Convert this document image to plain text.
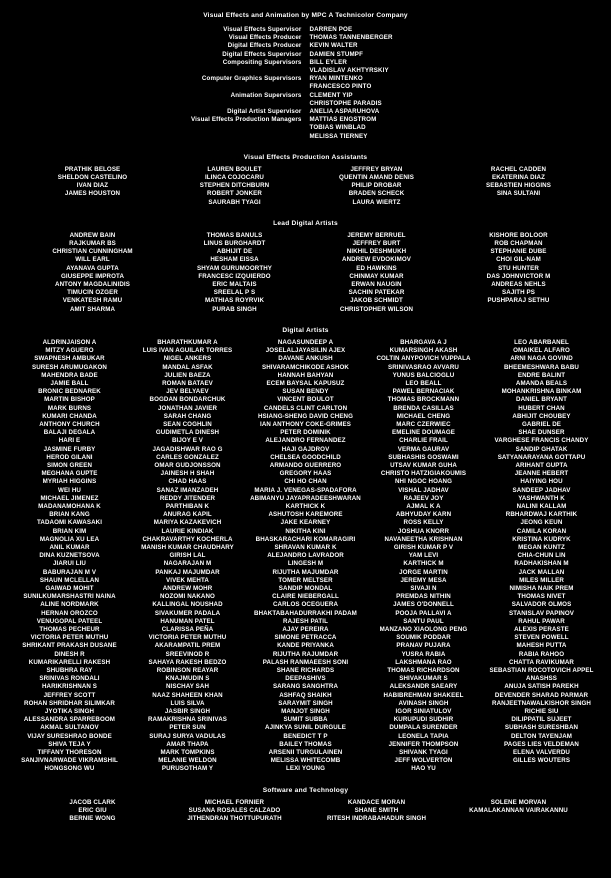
Visual Effects and Animation by MPC A Technicolor Company
Visual Effects Supervisor	DARREN POE
Visual Effects Producer	THOMAS TANNENBERGER
Digital Effects Producer	KEVIN WALTER
Digital Effects Supervisor	DAMIEN STUMPF
Compositing Supervisors	BILL EYLER
VLADISLAV AKHTYRSKIY
Computer Graphics Supervisors	RYAN MINTENKO
FRANCESCO PINTO
Animation Supervisors	CLEMENT YIP
CHRISTOPHE PARADIS
Digital Artist Supervisor	ANELIA ASPARUHOVA
Visual Effects Production Managers	MATTIAS ENGSTROM
TOBIAS WINBLAD
MELISSA TIERNEY
Visual Effects Production Assistants
PRATHIK BELOSE	LAUREN BOULET	JEFFREY BRYAN	RACHEL CADDEN
SHELDON CASTELINO	ILINCA COJOCARU	QUENTIN AMAND DENIS	EKATERINA DIAZ
IVAN DIAZ	STEPHEN DITCHBURN	PHILIP DROBAR	SEBASTIEN HIGGINS
JAMES HOUSTON	ROBERT JONKER	BRADEN SCHECK	SINA SULTANI
SAURABH TYAGI	LAURA WIERTZ
Lead Digital Artists
ANDREW BAIN	THOMAS BANULS	JEREMY BERRUEL	KISHORE BOLOOR
RAJKUMAR BS	LINUS BURGHARDT	JEFFREY BURT	ROB CHAPMAN
CHRISTIAN CUNNINGHAM	ABHIJIT DE	NIKHIL DESHMUKH	STEPHANIE DUBE
WILL EARL	HESHAM EISSA	ANDREW EVDOKIMOV	CHOI GIL-NAM
AYANAVA GUPTA	SHYAM GURUMOORTHY	ED HAWKINS	STU HUNTER
GIUSEPPE IMPROTA	FRANCESC IZQUIERDO	CHINMAY KUMAR	DAS JOHNVICTOR M
ANTONY MAGDALINIDIS	ERIC MALTAIS	ERWAN NAUGIN	ANDREAS NEHLS
TIMUCIN OZGER	SREELAL P S	SACHIN PATEKAR	SAJITH PS
VENKATESH RAMU	MATHIAS ROYRVIK	JAKOB SCHMIDT	PUSHPARAJ SETHU
AMIT SHARMA	PURAB SINGH	CHRISTOPHER WILSON
Digital Artists
ALDRINJAISON A	BHARATHKUMAR A	NAGASUNDEEP A	BHARGAVA A J	LEO ABARBANEL
MITZY AGUERO	LUIS IVAN AGUILAR TORRES	JOSELALJAYASILIN AJEX	KUMARSINGH AKASH	OMAIKEL ALFARO
SWAPNESH AMBUKAR	NIGEL ANKERS	DAVANE ANKUSH	COLTIN ANYPOVICH VUPPALA	ARNI NAGA GOVIND
SURESH ARUMUGAKON	MANDAL ASFAK	SHIVARAMCHIKODE ASHOK	SRINIVASRAO AVVARU	BHEEMESHWARA BABU
MAHENDRA BADE	JULIEN BAEZA	HANNAH BAHYAN	YUNUS BALCIOGLU	ENDRE BALINT
JAMIE BALL	ROMAN BATAEV	ECEM BAYSAL KAPUSUZ	LEO BEALL	AMANDA BEALS
BRONIC BEDNAREK	JEV BELYAEV	SUSAN BENDY	PAWEL BERNACIAK	MOHANKRISHNA BINKAM
MARTIN BISHOP	BOGDAN BONDARCHUK	VINCENT BOULOT	THOMAS BROCKMANN	DANIEL BRYANT
MARK BURNS	JONATHAN JAVIER	CANDELS CLINT CARLTON	BRENDA CASILLAS	HUBERT CHAN
KUMARI CHANDA	SARAH CHANG	HSIANG-SHENG DAVID CHENG	MICHAEL CHENG	ABHIJIT CHOUBEY
ANTHONY CHURCH	SEAN COGHLIN	IAN ANTHONY COKE-GRIMES	MARC CZERWIEC	GABRIEL DE
BALAJI DEGALA	GUDIMETLA DINESH	PETER DOMINIK	EMELINE DOUMAGE	SHAE DUNSER
HARI E	BIJOY E V	ALEJANDRO FERNANDEZ	CHARLIE FRAIL	VARGHESE FRANCIS CHANDY
JASMINE FURBY	JAGADISHWAR RAO G	HAJI GAJDROV	VERMA GAURAV	SANDIP GHATAK
HEROD GILANI	CARLES GONZALEZ	CHELSEA GOODCHILD	SUBHASHIS GOSWAMI	SATYANARAYANA GOTTAPU
SIMON GREEN	OMAR GUDJONSSON	ARMANDO GUERRERO	UTSAV KUMAR GUHA	ARIHANT GUPTA
MEGHANA GUPTE	JAINESH H SHAH	GREGORY HAAS	CHRISTO HATZIGIAKOUMIS	JEANNE HEBERT
MYRIAH HIGGINS	CHAD HAAS	CHI HO CHAN	NHI NGOC HOANG	HAIYING HOU
WEI HU	SANAZ IMANZADEH	MARIA J. VENEGAS-SPADAFORA	VISHAL JADHAV	SANDEEP JADHAV
MICHAEL JIMENEZ	REDDY JITENDER	ABIMANYU JAYAPRADEESHWARAN	RAJEEV JOY	YASHWANTH K
MADANAMOHANA K	PARTHIBAN K	KARTHICK K	AJMAL K A	NALINI KALLAM
BRIAN KANG	ANURAG KAPIL	ASHUTOSH KAREMORE	ABHYUDAY KARN	RBHARDWAJ KARTHIK
TADAOMI KAWASAKI	MARIYA KAZAKEVICH	JAKE KEARNEY	ROSS KELLY	JEONG KEUN
BRIAN KIM	LAURIE KINDIAK	NIKITHA KINI	JOSHUA KNORR	CAMILA KORAN
MAGNOLIA XU LEA	CHAKRAVARTHY KOCHERLA	BHASKARACHARI KOMARAGIRI	NAVANEETHA KRISHNAN	KRISTINA KUDRYK
ANIL KUMAR	MANISH KUMAR CHAUDHARY	SHRAVAN KUMAR K	GIRISH KUMAR P V	MEGAN KUNTZ
DINA KUZNETSOVA	GIRISH LAL	ALEJANDRO LAVRADOR	YAM LEVI	CHIA-CHUN LIN
JIARUI LIU	NAGARAJAN M	LINGESH M	KARTHICK M	RADHAKISHAN M
BABURAJAN M V	PANKAJ MAJUMDAR	RIJUTHA MAJUMDAR	JORGE MARTIN	JACK MALLAN
SHAUN MCLELLAN	VIVEK MEHTA	TOMER MELTSER	JEREMY MESA	MILES MILLER
GAIWAD MOHIT	ANDREW MOHR	SANDIP MONDAL	SIVAJI N	NIMISHA NAIK PREM
SUNILKUMARSHASTRI NAINA	NOZOMI NAKANO	CLAIRE NIEBERGALL	PREMDAS NITHIN	THOMAS NIVET
ALINE NORDMARK	KALLINGAL NOUSHAD	CARLOS OCEGUERA	JAMES O'DONNELL	SALVADOR OLMOS
HERNAN OROZCO	SIVAKUMER PADALA	BHAKTABAHADURRAKHI PADAM	POOJA PALLAVI A	STANISLAV PAPINOV
VENUGOPAL PATEEL	HANUMAN PATEL	RAJESH PATIL	SANTU PAUL	RAHUL PAWAR
THOMAS PECHEUR	CLARISSA PEÑA	AJAY PEREIRA	MANZANO XIAOLONG PENG	ALEXIS PERASTE
VICTORIA PETER MUTHU	VICTORIA PETER MUTHU	SIMONE PETRACCA	SOUMIK PODDAR	STEVEN POWELL
SHRIKANT PRAKASH DUSANE	AKARAMPATIL PREM	KANDE PRIYANKA	PRANAV PUJARA	MAHESH PUTTA
DINESH R	SREEVINOD R	RIJUTHA RAJUMDAR	YUSRA RABIA	RABIA RAHOO
KUMARIKARELLI RAKESH	SAHAYA RAKESH BEDZO	PALASH RANMAEESH SONI	LAKSHMANA RAO	CHATTA RAVIKUMAR
SHUBHRA RAY	ROBINSON REAYAR	SHANE RICHARDS	THOMAS RICHARDSON	SEBASTIAN ROCOTOVICH APPEL
SRINIVAS RONDALI	KNAJMUDIN S	DEEPASHIVS	SHIVAKUMAR S	ANASHSS
HARIKRISHNAN S	NISCHAY SAH	SARANG SANGHTRA	ALEKSANDR SAEARY	ANUJA SATISH PAREKH
JEFFREY SCOTT	NAAZ SHAHEEN KHAN	ASHFAQ SHAIKH	HABIBREHMAN SHAKEEL	DEVENDER SHARAD PARMAR
ROHAN SHRIDHAR SILIMKAR	LUIS SILVA	SARAYMIT SINGH	AVINASH SINGH	RANJEETNAWALKISHOR SINGH
JYOTIKA SINGH	JASBIR SINGH	MANJOT SINGH	IGOR SINIATULOV	RICHIE SIU
ALESSANDRA SPARREBOOM	RAMAKRISHNA SRINIVAS	SUMIT SUBBA	KURUPUDI SUDHIR	DILIPPATIL SUJEET
AKMAL SULTANOV	PETER SUN	AJINKYA SUNIL DURGULE	DUMPALA SURENDER	SUBHASH SURESHBAN
VIJAY SURESHRAO BONDE	SURAJ SURYA VADULAS	BENEDICT T P	LEONELA TAPIA	DELTON TAYENJAM
SHIVA TEJA Y	AMAR THAPA	BAILEY THOMAS	JENNIFER THOMPSON	PAGES LIES VELDEMAN
TIFFANY THORESON	MARK TOMPKINS	ARSENII TURGULAINEN	SHIVANK TYAGI	ELENA VALVERDU
SANJIVNARWADE VIKRAMSHIL	MELANIE WELDON	MELISSA WHITECOMB	JEFF WOLVERTON	GILLES WOUTERS
HONGSONG WU	PURUSOTHAM Y	LEXI YOUNG	HAO YU
Software and Technology
JACOB CLARK	MICHAEL FORNIER	KANDACE MORAN	SOLENE MORVAN
ERIC GIU	SUSANA ROSALES CALZADO	SHANE SMITH	KAMALAKANNAN VAIRAKANNU
BERNIE WONG	JITHENDRAN THOTTUPURATH	RITESH INDRABAHADUR SINGH
